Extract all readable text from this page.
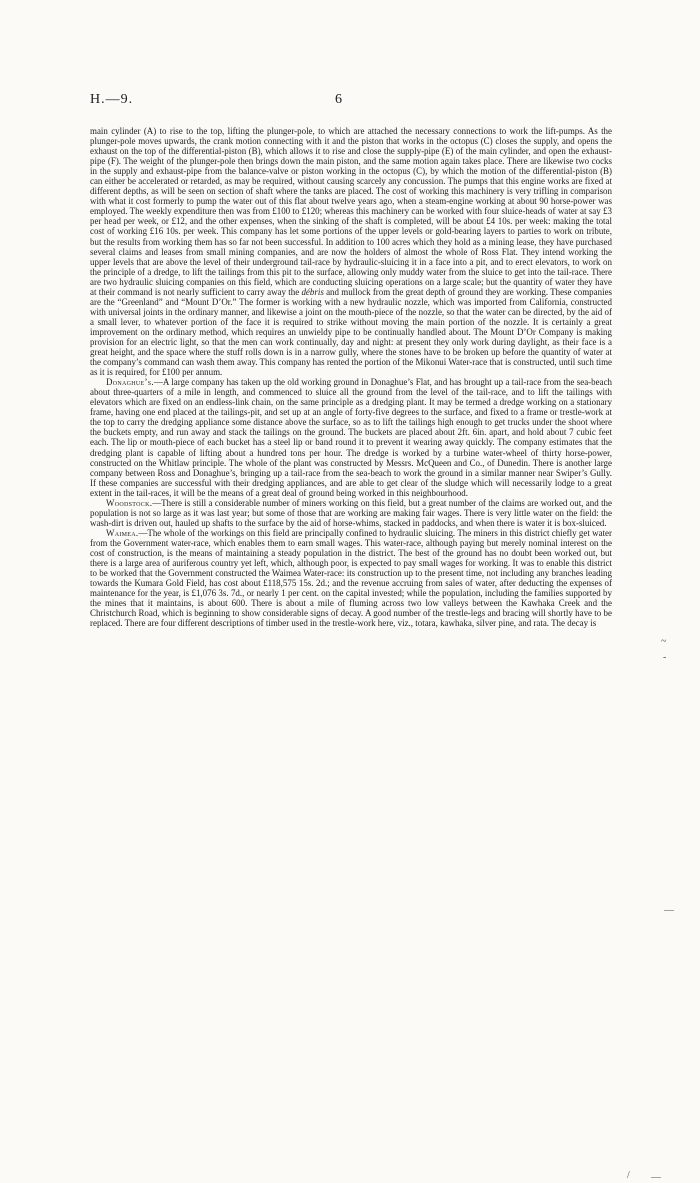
H.—9.	6

main cylinder (A) to rise to the top, lifting the plunger-pole, to which are attached the necessary connections to work the lift-pumps. As the plunger-pole moves upwards, the crank motion connecting with it and the piston that works in the octopus (C) closes the supply, and opens the exhaust on the top of the differential-piston (B), which allows it to rise and close the supply-pipe (E) of the main cylinder, and open the exhaust-pipe (F). The weight of the plunger-pole then brings down the main piston, and the same motion again takes place. There are likewise two cocks in the supply and exhaust-pipe from the balance-valve or piston working in the octopus (C), by which the motion of the differential-piston (B) can either be accelerated or retarded, as may be required, without causing scarcely any concussion. The pumps that this engine works are fixed at different depths, as will be seen on section of shaft where the tanks are placed. The cost of working this machinery is very trifling in comparison with what it cost formerly to pump the water out of this flat about twelve years ago, when a steam-engine working at about 90 horse-power was employed. The weekly expenditure then was from £100 to £120; whereas this machinery can be worked with four sluice-heads of water at say £3 per head per week, or £12, and the other expenses, when the sinking of the shaft is completed, will be about £4 10s. per week: making the total cost of working £16 10s. per week. This company has let some portions of the upper levels or gold-bearing layers to parties to work on tribute, but the results from working them has so far not been successful. In addition to 100 acres which they hold as a mining lease, they have purchased several claims and leases from small mining companies, and are now the holders of almost the whole of Ross Flat. They intend working the upper levels that are above the level of their underground tail-race by hydraulic-sluicing it in a face into a pit, and to erect elevators, to work on the principle of a dredge, to lift the tailings from this pit to the surface, allowing only muddy water from the sluice to get into the tail-race. There are two hydraulic sluicing companies on this field, which are conducting sluicing operations on a large scale; but the quantity of water they have at their command is not nearly sufficient to carry away the débris and mullock from the great depth of ground they are working. These companies are the “Greenland” and “Mount D’Or.” The former is working with a new hydraulic nozzle, which was imported from California, constructed with universal joints in the ordinary manner, and likewise a joint on the mouth-piece of the nozzle, so that the water can be directed, by the aid of a small lever, to whatever portion of the face it is required to strike without moving the main portion of the nozzle. It is certainly a great improvement on the ordinary method, which requires an unwieldy pipe to be continually handled about. The Mount D’Or Company is making provision for an electric light, so that the men can work continually, day and night: at present they only work during daylight, as their face is a great height, and the space where the stuff rolls down is in a narrow gully, where the stones have to be broken up before the quantity of water at the company’s command can wash them away. This company has rented the portion of the Mikonui Water-race that is constructed, until such time as it is required, for £100 per annum.

Donaghue’s.—A large company has taken up the old working ground in Donaghue’s Flat, and has brought up a tail-race from the sea-beach about three-quarters of a mile in length, and commenced to sluice all the ground from the level of the tail-race, and to lift the tailings with elevators which are fixed on an endless-link chain, on the same principle as a dredging plant. It may be termed a dredge working on a stationary frame, having one end placed at the tailings-pit, and set up at an angle of forty-five degrees to the surface, and fixed to a frame or trestle-work at the top to carry the dredging appliance some distance above the surface, so as to lift the tailings high enough to get trucks under the shoot where the buckets empty, and run away and stack the tailings on the ground. The buckets are placed about 2ft. 6in. apart, and hold about 7 cubic feet each. The lip or mouth-piece of each bucket has a steel lip or band round it to prevent it wearing away quickly. The company estimates that the dredging plant is capable of lifting about a hundred tons per hour. The dredge is worked by a turbine water-wheel of thirty horse-power, constructed on the Whitlaw principle. The whole of the plant was constructed by Messrs. McQueen and Co., of Dunedin. There is another large company between Ross and Donaghue’s, bringing up a tail-race from the sea-beach to work the ground in a similar manner near Swiper’s Gully. If these companies are successful with their dredging appliances, and are able to get clear of the sludge which will necessarily lodge to a great extent in the tail-races, it will be the means of a great deal of ground being worked in this neighbourhood.

Woodstock.—There is still a considerable number of miners working on this field, but a great number of the claims are worked out, and the population is not so large as it was last year; but some of those that are working are making fair wages. There is very little water on the field: the wash-dirt is driven out, hauled up shafts to the surface by the aid of horse-whims, stacked in paddocks, and when there is water it is box-sluiced.

Waimea.—The whole of the workings on this field are principally confined to hydraulic sluicing. The miners in this district chiefly get water from the Government water-race, which enables them to earn small wages. This water-race, although paying but merely nominal interest on the cost of construction, is the means of maintaining a steady population in the district. The best of the ground has no doubt been worked out, but there is a large area of auriferous country yet left, which, although poor, is expected to pay small wages for working. It was to enable this district to be worked that the Government constructed the Waimea Water-race: its construction up to the present time, not including any branches leading towards the Kumara Gold Field, has cost about £118,575 15s. 2d.; and the revenue accruing from sales of water, after deducting the expenses of maintenance for the year, is £1,076 3s. 7d., or nearly 1 per cent. on the capital invested; while the population, including the families supported by the mines that it maintains, is about 600. There is about a mile of fluming across two low valleys between the Kawhaka Creek and the Christchurch Road, which is beginning to show considerable signs of decay. A good number of the trestle-legs and bracing will shortly have to be replaced. There are four different descriptions of timber used in the trestle-work here, viz., totara, kawhaka, silver pine, and rata. The decay is

~
-
—
/ —
